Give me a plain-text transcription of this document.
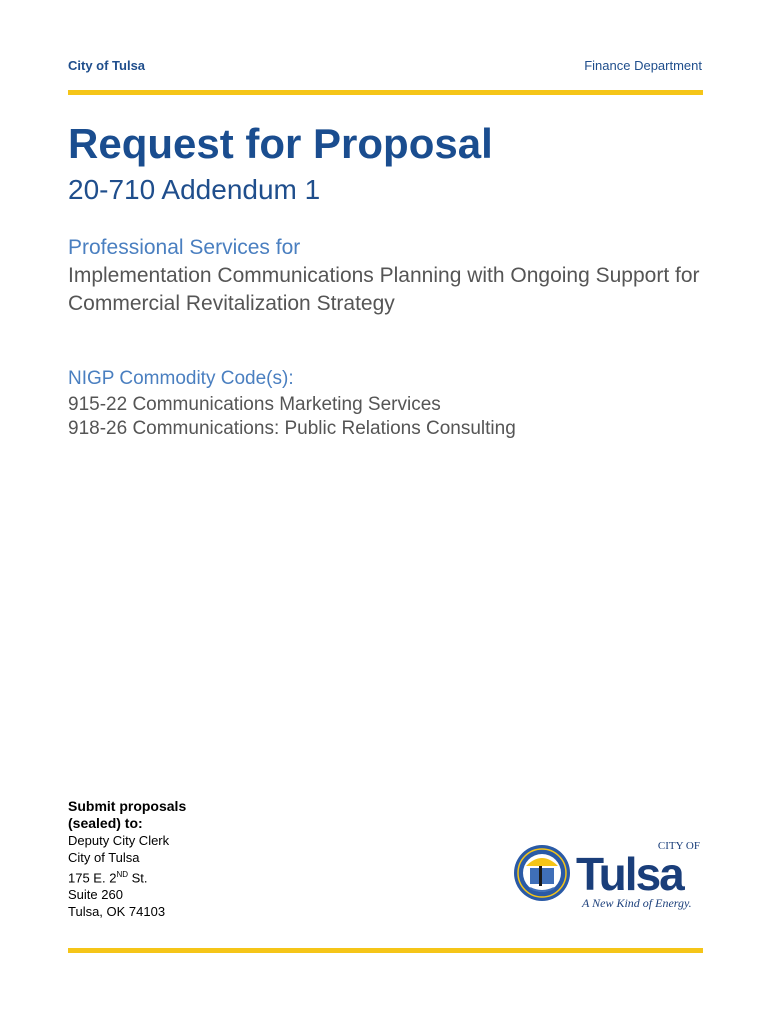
City of Tulsa	Finance Department
Request for Proposal
20-710 Addendum 1
Professional Services for
Implementation Communications Planning with Ongoing Support for Commercial Revitalization Strategy
NIGP Commodity Code(s):
915-22 Communications Marketing Services
918-26 Communications: Public Relations Consulting
Submit proposals (sealed) to:
Deputy City Clerk
City of Tulsa
175 E. 2ND St.
Suite 260
Tulsa, OK 74103
CITY OF
Tulsa
A New Kind of Energy.
